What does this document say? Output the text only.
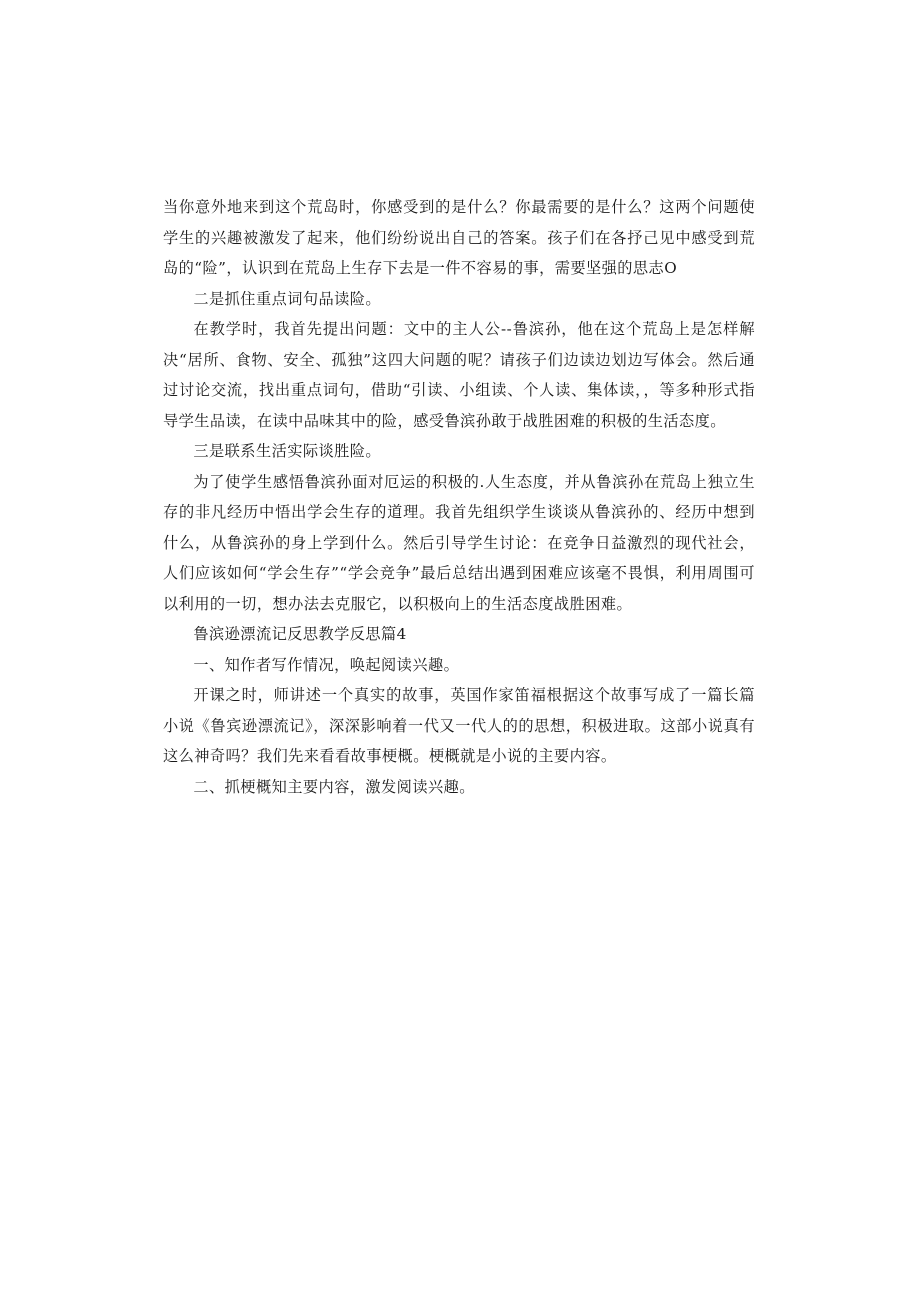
当你意外地来到这个荒岛时，你感受到的是什么？你最需要的是什么？这两个问题使学生的兴趣被激发了起来，他们纷纷说出自己的答案。孩子们在各抒己见中感受到荒岛的“险”，认识到在荒岛上生存下去是一件不容易的事，需要坚强的思志O

二是抓住重点词句品读险。

在教学时，我首先提出问题：文中的主人公--鲁滨孙，他在这个荒岛上是怎样解决“居所、食物、安全、孤独”这四大问题的呢？请孩子们边读边划边写体会。然后通过讨论交流，找出重点词句，借助“引读、小组读、个人读、集体读，，等多种形式指导学生品读，在读中品味其中的险，感受鲁滨孙敢于战胜困难的积极的生活态度。

三是联系生活实际谈胜险。

为了使学生感悟鲁滨孙面对厄运的积极的.人生态度，并从鲁滨孙在荒岛上独立生存的非凡经历中悟出学会生存的道理。我首先组织学生谈谈从鲁滨孙的、经历中想到什么，从鲁滨孙的身上学到什么。然后引导学生讨论：在竞争日益激烈的现代社会，人们应该如何“学会生存”“学会竞争”最后总结出遇到困难应该毫不畏惧，利用周围可以利用的一切，想办法去克服它，以积极向上的生活态度战胜困难。

鲁滨逊漂流记反思教学反思篇4

一、知作者写作情况，唤起阅读兴趣。

开课之时，师讲述一个真实的故事，英国作家笛福根据这个故事写成了一篇长篇小说《鲁宾逊漂流记》，深深影响着一代又一代人的的思想，积极进取。这部小说真有这么神奇吗？我们先来看看故事梗概。梗概就是小说的主要内容。

二、抓梗概知主要内容，激发阅读兴趣。
